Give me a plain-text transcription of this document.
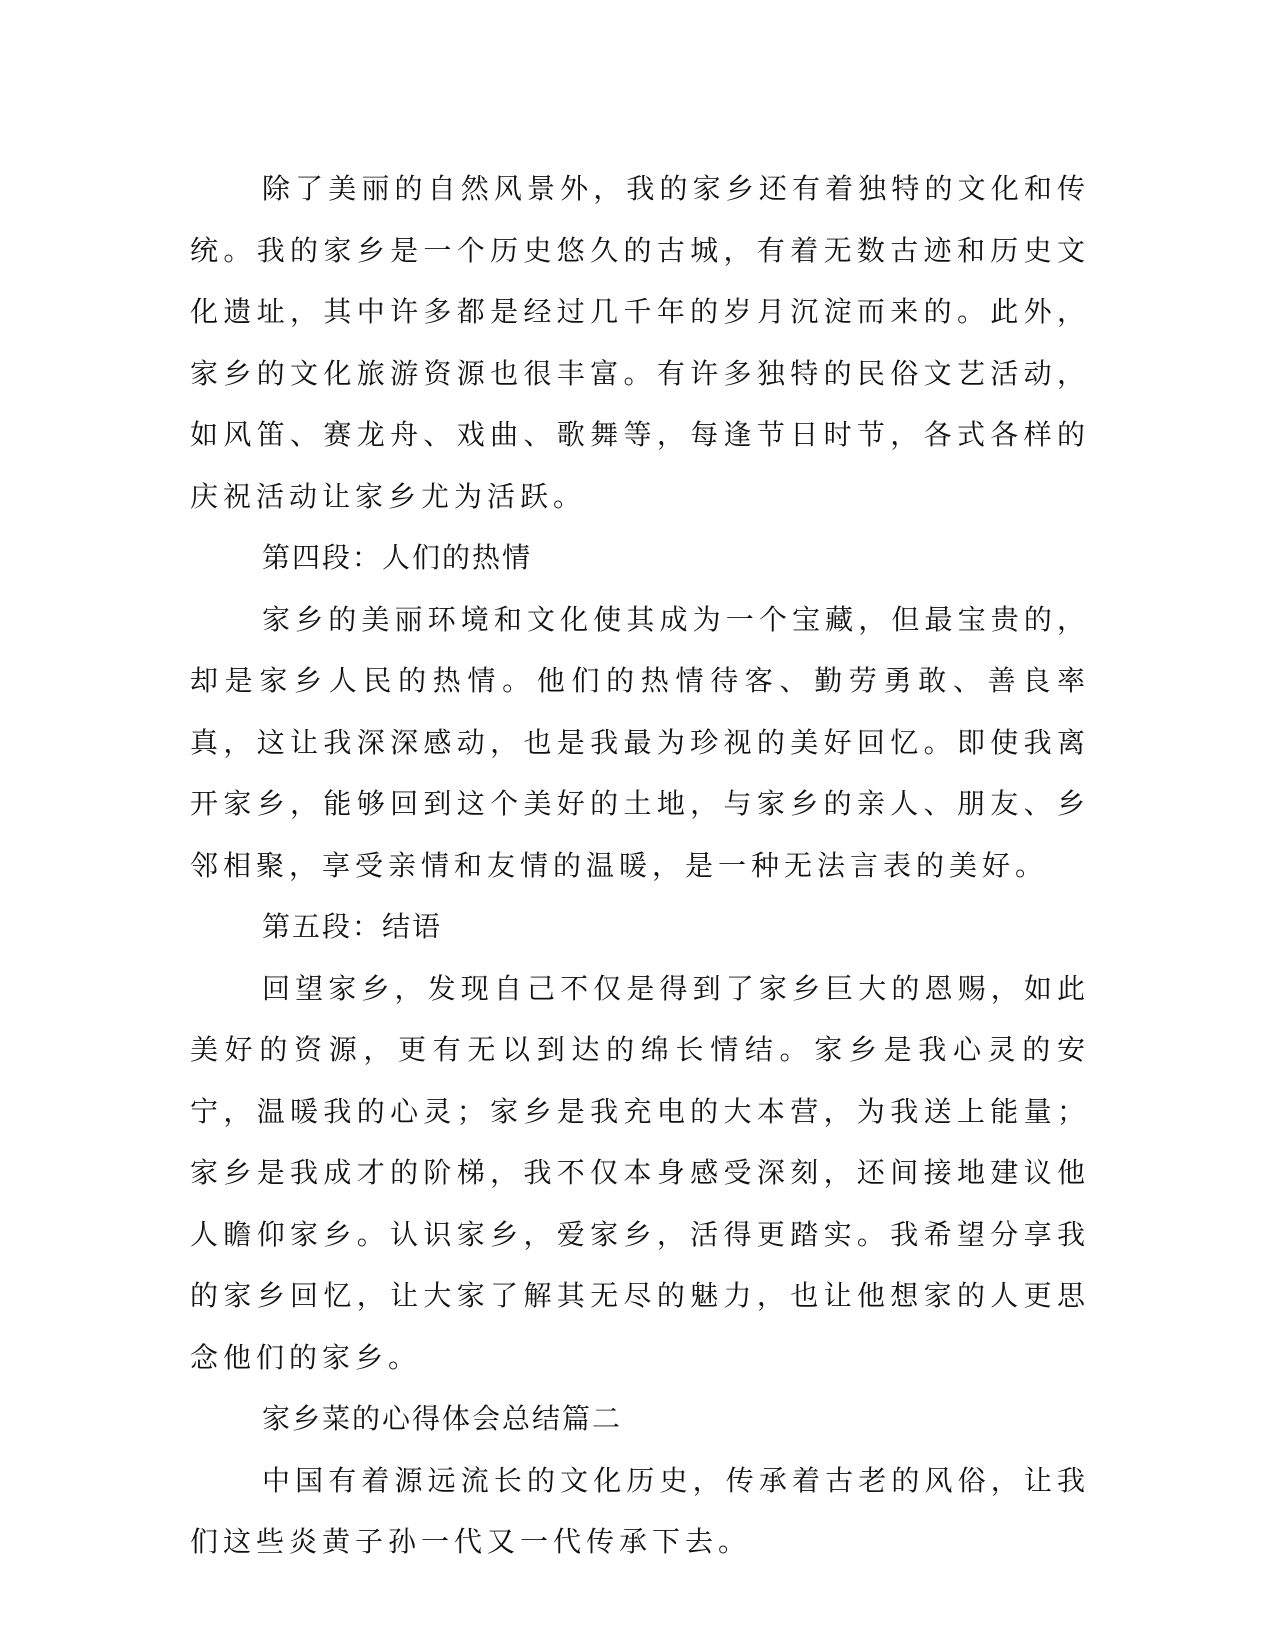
除了美丽的自然风景外，我的家乡还有着独特的文化和传统。我的家乡是一个历史悠久的古城，有着无数古迹和历史文化遗址，其中许多都是经过几千年的岁月沉淀而来的。此外，家乡的文化旅游资源也很丰富。有许多独特的民俗文艺活动，如风笛、赛龙舟、戏曲、歌舞等，每逢节日时节，各式各样的庆祝活动让家乡尤为活跃。

第四段：人们的热情

家乡的美丽环境和文化使其成为一个宝藏，但最宝贵的，却是家乡人民的热情。他们的热情待客、勤劳勇敢、善良率真，这让我深深感动，也是我最为珍视的美好回忆。即使我离开家乡，能够回到这个美好的土地，与家乡的亲人、朋友、乡邻相聚，享受亲情和友情的温暖，是一种无法言表的美好。

第五段：结语

回望家乡，发现自己不仅是得到了家乡巨大的恩赐，如此美好的资源，更有无以到达的绵长情结。家乡是我心灵的安宁，温暖我的心灵；家乡是我充电的大本营，为我送上能量；家乡是我成才的阶梯，我不仅本身感受深刻，还间接地建议他人瞻仰家乡。认识家乡，爱家乡，活得更踏实。我希望分享我的家乡回忆，让大家了解其无尽的魅力，也让他想家的人更思念他们的家乡。

家乡菜的心得体会总结篇二

中国有着源远流长的文化历史，传承着古老的风俗，让我们这些炎黄子孙一代又一代传承下去。
